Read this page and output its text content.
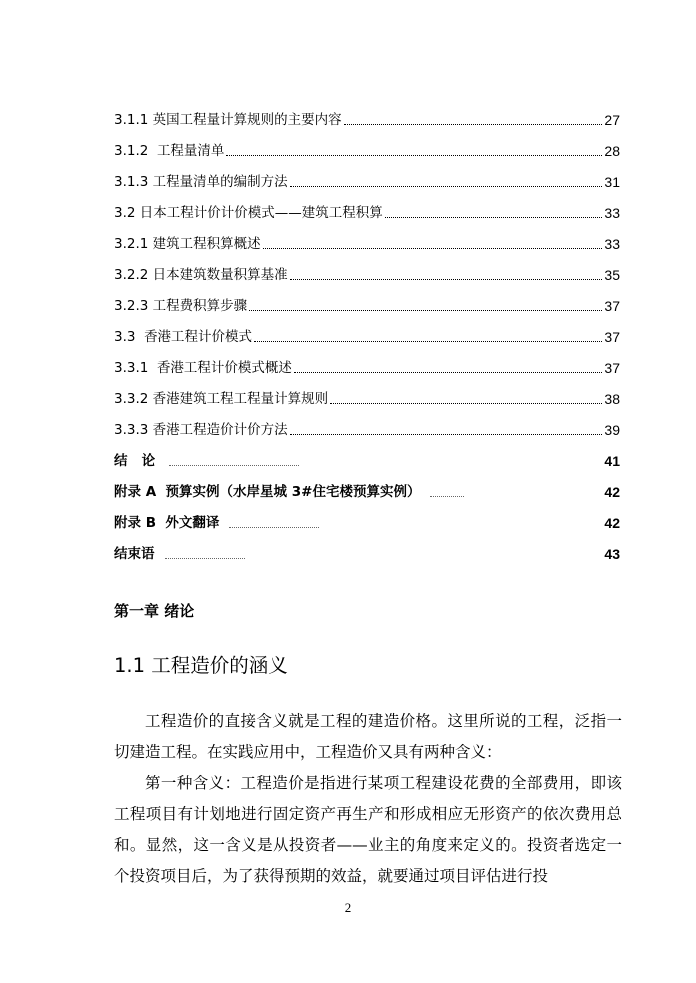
3.1.1 英国工程量计算规则的主要内容	27
3.1.2 工程量清单	28
3.1.3 工程量清单的编制方法	31
3.2 日本工程计价计价模式——建筑工程积算	33
3.2.1 建筑工程积算概述	33
3.2.2 日本建筑数量积算基准	35
3.2.3 工程费积算步骤	37
3.3 香港工程计价模式	37
3.3.1 香港工程计价模式概述	37
3.3.2 香港建筑工程工程量计算规则	38
3.3.3 香港工程造价计价方法	39
结   论	41
附录 A  预算实例（水岸星城 3#住宅楼预算实例）	42
附录 B  外文翻译	42
结束语	43
第一章 绪论
1.1 工程造价的涵义

工程造价的直接含义就是工程的建造价格。这里所说的工程，泛指一切建造工程。在实践应用中，工程造价又具有两种含义：

第一种含义：工程造价是指进行某项工程建设花费的全部费用，即该工程项目有计划地进行固定资产再生产和形成相应无形资产的依次费用总和。显然，这一含义是从投资者——业主的角度来定义的。投资者选定一个投资项目后，为了获得预期的效益，就要通过项目评估进行投

2
